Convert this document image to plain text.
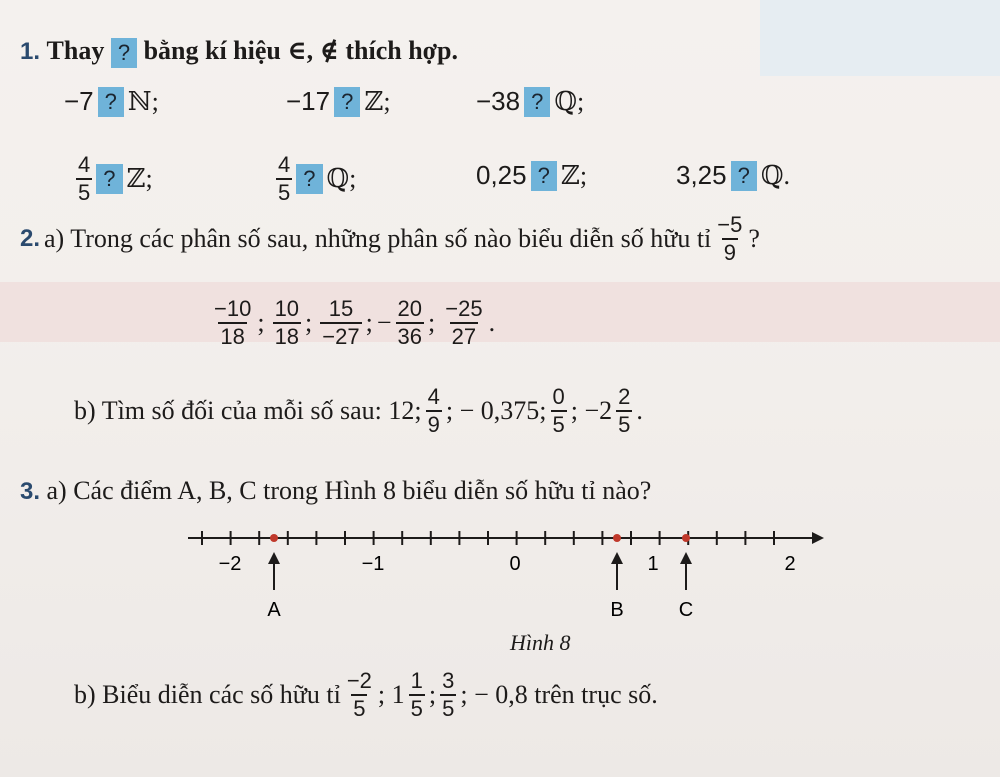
1. Thay ? bằng kí hiệu ∈, ∉ thích hợp.
−7 ? ℕ;	−17 ? ℤ;	−38 ? ℚ;
$\frac{4}{5}$ ? ℤ;	$\frac{4}{5}$ ? ℚ;	0,25 ? ℤ;	3,25 ? ℚ.
2. a) Trong các phân số sau, những phân số nào biểu diễn số hữu tỉ $\frac{-5}{9}$ ?
$\frac{-10}{18}$ ; $\frac{10}{18}$ ; $\frac{15}{-27}$ ; − $\frac{20}{36}$ ; $\frac{-25}{27}$ .
b) Tìm số đối của mỗi số sau: 12; $\frac{4}{9}$ ; − 0,375; $\frac{0}{5}$ ; $-2 \frac{2}{5}$ .
3. a) Các điểm A, B, C trong Hình 8 biểu diễn số hữu tỉ nào?
−2	−1	0	1	2
A	B	C
Hình 8
b) Biểu diễn các số hữu tỉ $\frac{-2}{5}$ ; $1 \frac{1}{5}$ ; $\frac{3}{5}$ ; − 0,8 trên trục số.
